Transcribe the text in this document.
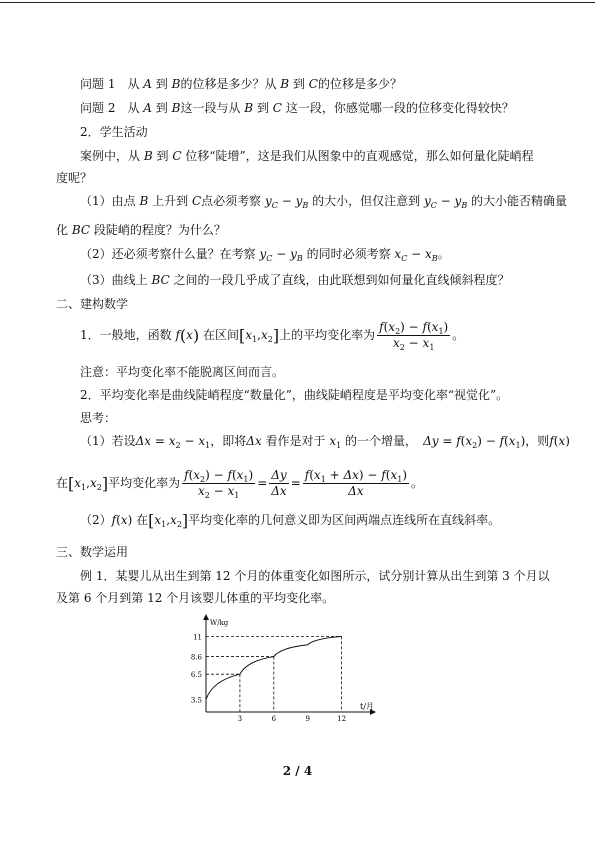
问题 1　从 A 到 B的位移是多少？从 B 到 C的位移是多少？
问题 2　从 A 到 B这一段与从 B 到 C 这一段，你感觉哪一段的位移变化得较快？
2．学生活动
案例中，从 B 到 C 位移“陡增”，这是我们从图象中的直观感觉，那么如何量化陡峭程
度呢？
（1）由点 B 上升到 C点必须考察 $y_C - y_B$ 的大小，但仅注意到 $y_C - y_B$ 的大小能否精确量
化 BC 段陡峭的程度？为什么？
（2）还必须考察什么量？在考察 $y_C - y_B$ 的同时必须考察 $x_C - x_B$。
（3）曲线上 BC 之间的一段几乎成了直线，由此联想到如何量化直线倾斜程度？
二、建构数学
1．一般地，函数 f(x) 在区间$[x_1,x_2]$上的平均变化率为 $\frac{f(x_2) - f(x_1)}{x_2 - x_1}$ 。
注意：平均变化率不能脱离区间而言。
2．平均变化率是曲线陡峭程度“数量化”，曲线陡峭程度是平均变化率“视觉化”。
思考：
（1）若设$\Delta x = x_2 - x_1$，即将Δx 看作是对于 $x_1$ 的一个增量，　 $\Delta y = f(x_2) - f(x_1)$，则f(x)
在$[x_1,x_2]$平均变化率为 $\frac{f(x_2) - f(x_1)}{x_2 - x_1} = \frac{\Delta y}{\Delta x} = \frac{f(x_1 + \Delta x) - f(x_1)}{\Delta x}$ 。
（2）f(x) 在$[x_1,x_2]$平均变化率的几何意义即为区间两端点连线所在直线斜率。
三、数学运用
例 1．某婴儿从出生到第 12 个月的体重变化如图所示，试分别计算从出生到第 3 个月以
及第 6 个月到第 12 个月该婴儿体重的平均变化率。
W/kg
t/月
3.5
6.5
8.6
11
3	6	9	12
2 / 4
